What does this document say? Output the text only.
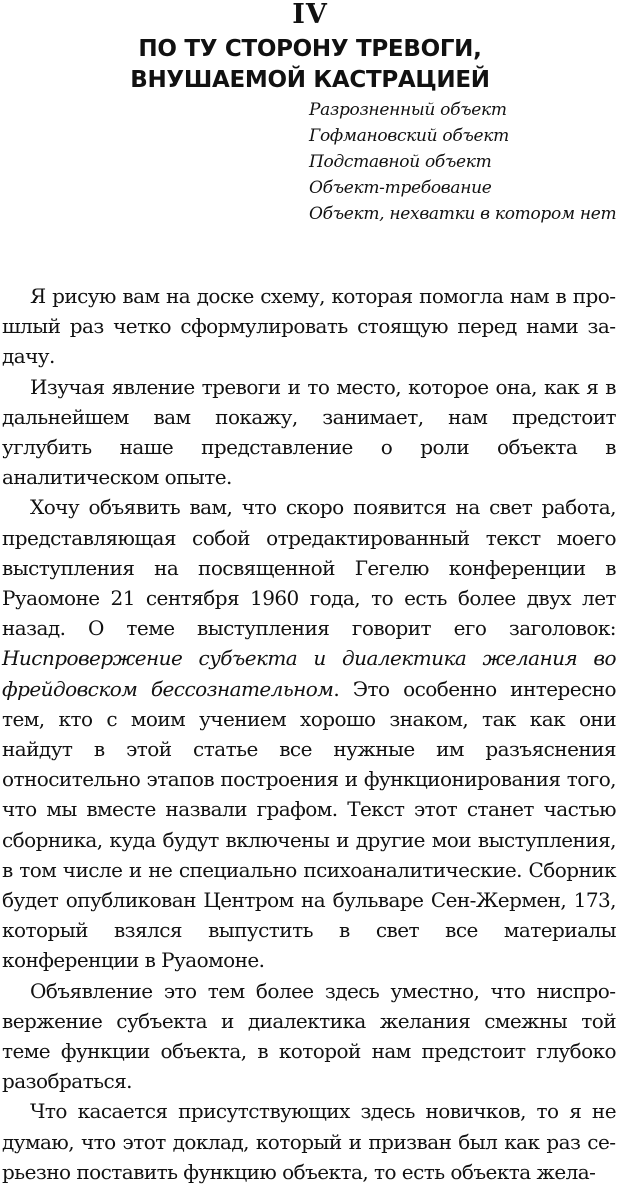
IV
ПО ТУ СТОРОНУ ТРЕВОГИ,
ВНУШАЕМОЙ КАСТРАЦИЕЙ
Разрозненный объект
Гофмановский объект
Подставной объект
Объект-требование
Объект, нехватки в котором нет

Я рисую вам на доске схему, которая помогла нам в прошлый раз четко сформулировать стоящую перед нами задачу.

Изучая явление тревоги и то место, которое она, как я в дальнейшем вам покажу, занимает, нам предстоит углубить наше представление о роли объекта в аналитическом опыте.

Хочу объявить вам, что скоро появится на свет работа, представляющая собой отредактированный текст моего выступления на посвященной Гегелю конференции в Руаомоне 21 сентября 1960 года, то есть более двух лет назад. О теме выступления говорит его заголовок: Ниспровержение субъекта и диалектика желания во фрейдовском бессознательном. Это особенно интересно тем, кто с моим учением хорошо знаком, так как они найдут в этой статье все нужные им разъяснения относительно этапов построения и функционирования того, что мы вместе назвали графом. Текст этот станет частью сборника, куда будут включены и другие мои выступления, в том числе и не специально психоаналитические. Сборник будет опубликован Центром на бульваре Сен-Жермен, 173, который взялся выпустить в свет все материалы конференции в Руаомоне.

Объявление это тем более здесь уместно, что ниспровержение субъекта и диалектика желания смежны той теме функции объекта, в которой нам предстоит глубоко разобраться.

Что касается присутствующих здесь новичков, то я не думаю, что этот доклад, который и призван был как раз серьезно поставить функцию объекта, то есть объекта жела-
